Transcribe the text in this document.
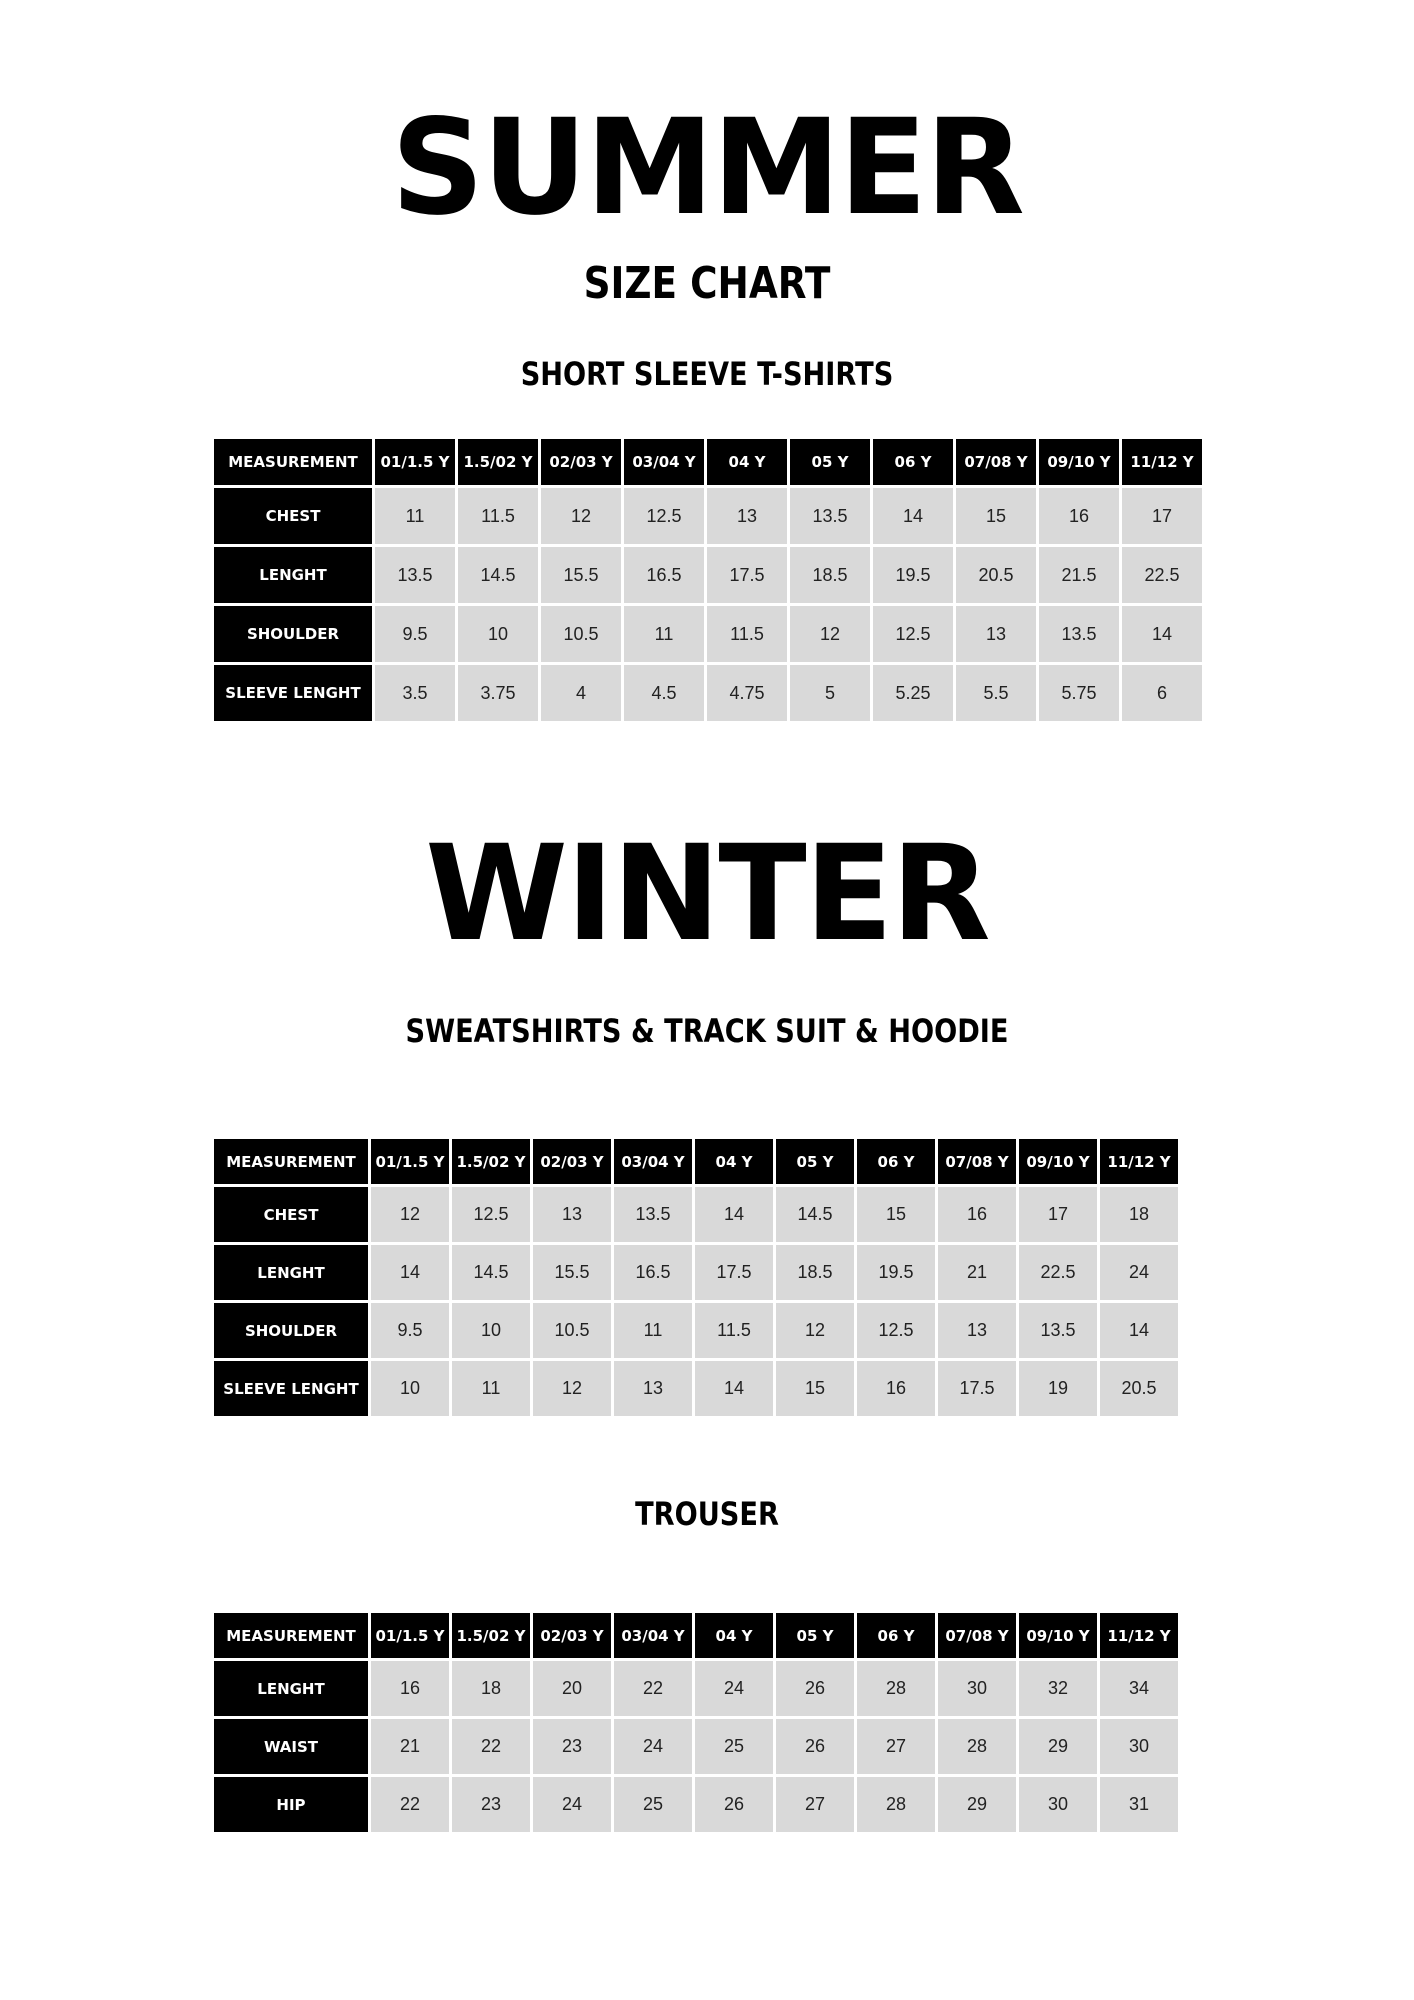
SUMMER
SIZE CHART
SHORT SLEEVE T-SHIRTS
MEASUREMENT	01/1.5 Y	1.5/02 Y	02/03 Y	03/04 Y	04 Y	05 Y	06 Y	07/08 Y	09/10 Y	11/12 Y
CHEST	11	11.5	12	12.5	13	13.5	14	15	16	17
LENGHT	13.5	14.5	15.5	16.5	17.5	18.5	19.5	20.5	21.5	22.5
SHOULDER	9.5	10	10.5	11	11.5	12	12.5	13	13.5	14
SLEEVE LENGHT	3.5	3.75	4	4.5	4.75	5	5.25	5.5	5.75	6
WINTER
SWEATSHIRTS & TRACK SUIT & HOODIE
MEASUREMENT	01/1.5 Y	1.5/02 Y	02/03 Y	03/04 Y	04 Y	05 Y	06 Y	07/08 Y	09/10 Y	11/12 Y
CHEST	12	12.5	13	13.5	14	14.5	15	16	17	18
LENGHT	14	14.5	15.5	16.5	17.5	18.5	19.5	21	22.5	24
SHOULDER	9.5	10	10.5	11	11.5	12	12.5	13	13.5	14
SLEEVE LENGHT	10	11	12	13	14	15	16	17.5	19	20.5
TROUSER
MEASUREMENT	01/1.5 Y	1.5/02 Y	02/03 Y	03/04 Y	04 Y	05 Y	06 Y	07/08 Y	09/10 Y	11/12 Y
LENGHT	16	18	20	22	24	26	28	30	32	34
WAIST	21	22	23	24	25	26	27	28	29	30
HIP	22	23	24	25	26	27	28	29	30	31
